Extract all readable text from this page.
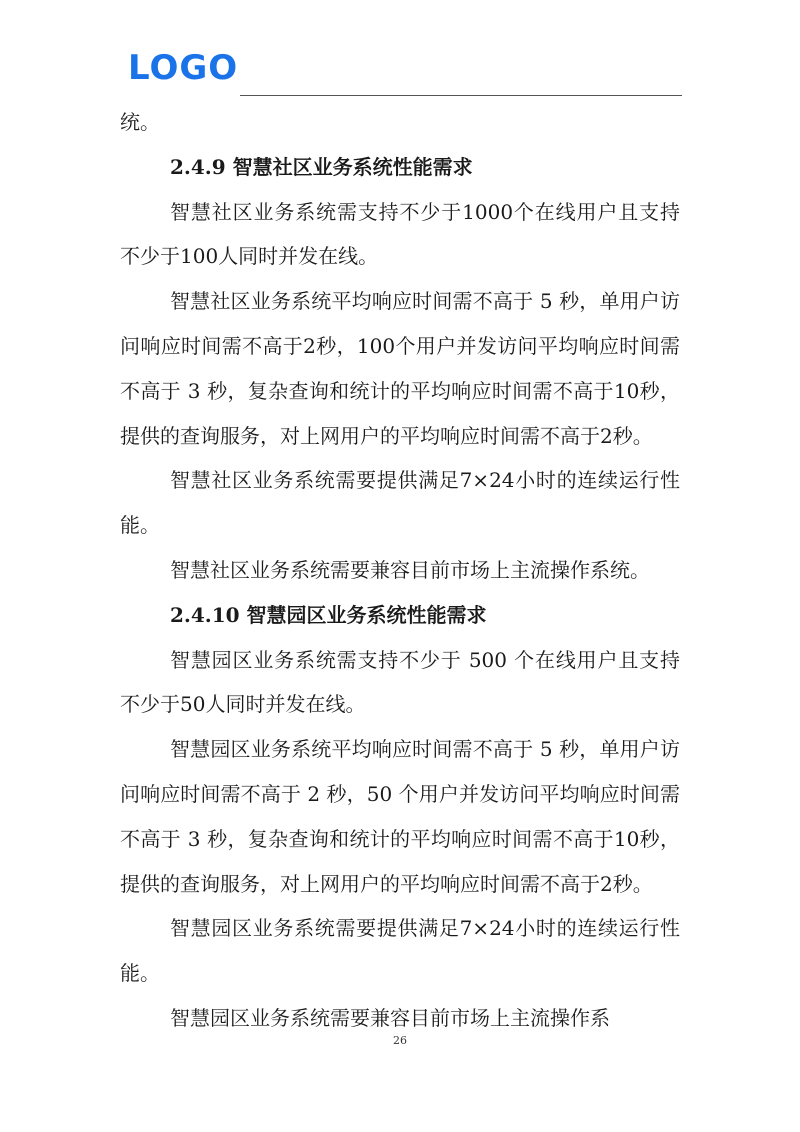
LOGO

统。

2.4.9 智慧社区业务系统性能需求

智慧社区业务系统需支持不少于1000个在线用户且支持不少于100人同时并发在线。

智慧社区业务系统平均响应时间需不高于 5 秒，单用户访问响应时间需不高于2秒，100个用户并发访问平均响应时间需不高于 3 秒，复杂查询和统计的平均响应时间需不高于10秒，提供的查询服务，对上网用户的平均响应时间需不高于2秒。

智慧社区业务系统需要提供满足7×24小时的连续运行性能。

智慧社区业务系统需要兼容目前市场上主流操作系统。

2.4.10 智慧园区业务系统性能需求

智慧园区业务系统需支持不少于 500 个在线用户且支持不少于50人同时并发在线。

智慧园区业务系统平均响应时间需不高于 5 秒，单用户访问响应时间需不高于 2 秒，50 个用户并发访问平均响应时间需不高于 3 秒，复杂查询和统计的平均响应时间需不高于10秒，提供的查询服务，对上网用户的平均响应时间需不高于2秒。

智慧园区业务系统需要提供满足7×24小时的连续运行性能。

智慧园区业务系统需要兼容目前市场上主流操作系

26
